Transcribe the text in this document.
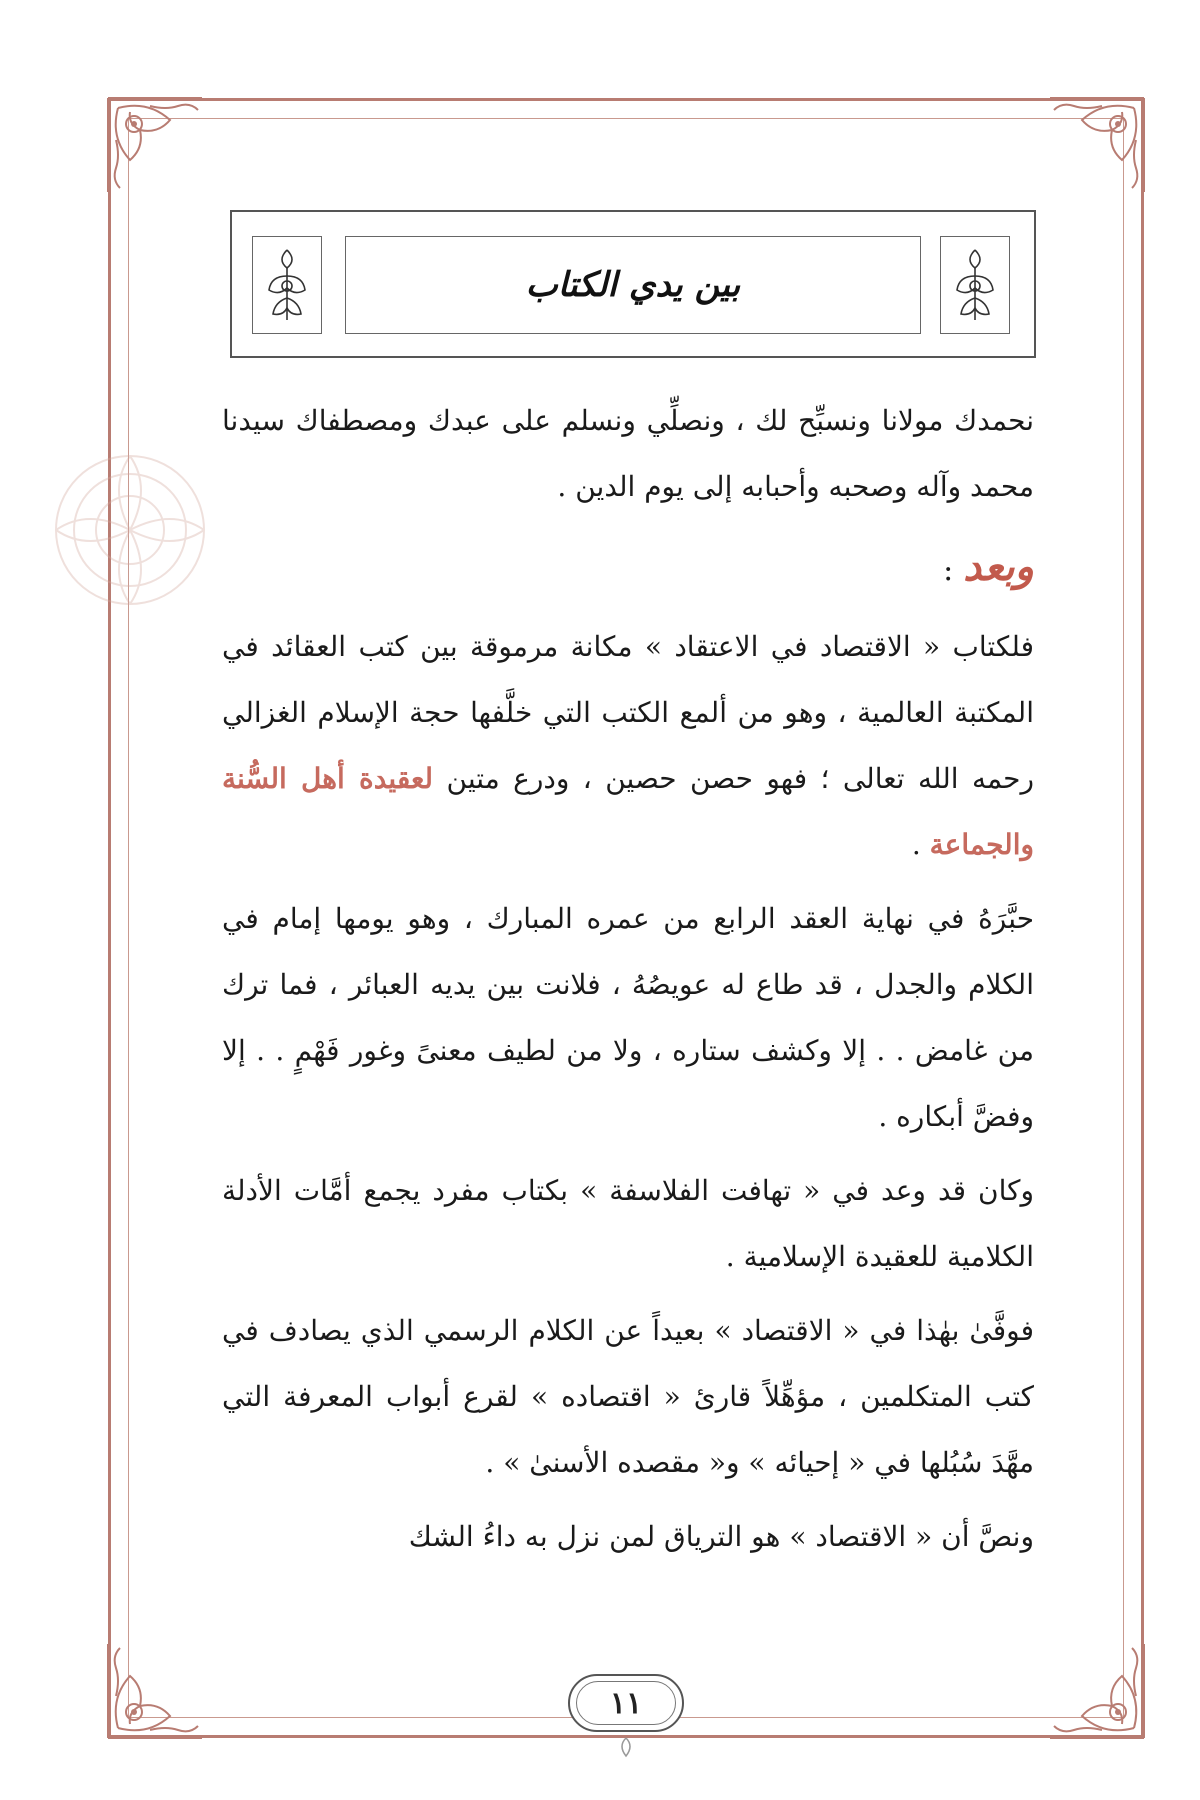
بين يدي الكتاب

نحمدك مولانا ونسبِّح لك ، ونصلِّي ونسلم على عبدك ومصطفاك سيدنا محمد وآله وصحبه وأحبابه إلى يوم الدين .

وبعد:

فلكتاب « الاقتصاد في الاعتقاد » مكانة مرموقة بين كتب العقائد في المكتبة العالمية ، وهو من ألمع الكتب التي خلَّفها حجة الإسلام الغزالي رحمه الله تعالى ؛ فهو حصن حصين ، ودرع متين لعقيدة أهل السُّنة والجماعة .

حبَّرَهُ في نهاية العقد الرابع من عمره المبارك ، وهو يومها إمام في الكلام والجدل ، قد طاع له عويصُهُ ، فلانت بين يديه العبائر ، فما ترك من غامض . . إلا وكشف ستاره ، ولا من لطيف معنىً وغور فَهْمٍ . . إلا وفضَّ أبكاره .

وكان قد وعد في « تهافت الفلاسفة » بكتاب مفرد يجمع أمَّات الأدلة الكلامية للعقيدة الإسلامية .

فوفَّىٰ بهٰذا في « الاقتصاد » بعيداً عن الكلام الرسمي الذي يصادف في كتب المتكلمين ، مؤهِّلاً قارئ « اقتصاده » لقرع أبواب المعرفة التي مهَّدَ سُبُلها في « إحيائه » و« مقصده الأسنىٰ » .

ونصَّ أن « الاقتصاد » هو الترياق لمن نزل به داءُ الشك

١١
